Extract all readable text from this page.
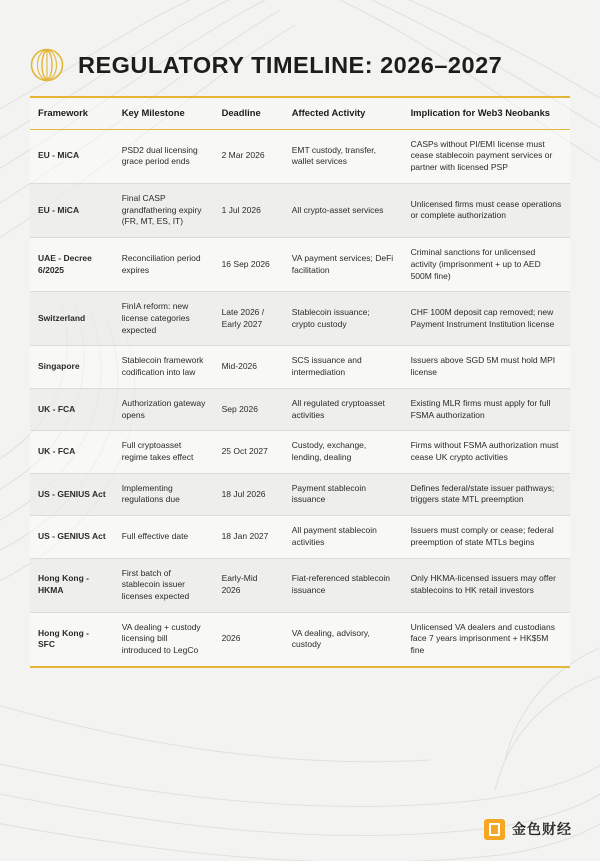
REGULATORY TIMELINE: 2026–2027
Framework	Key Milestone	Deadline	Affected Activity	Implication for Web3 Neobanks
EU - MiCA	PSD2 dual licensing grace period ends	2 Mar 2026	EMT custody, transfer, wallet services	CASPs without PI/EMI license must cease stablecoin payment services or partner with licensed PSP
EU - MiCA	Final CASP grandfathering expiry (FR, MT, ES, IT)	1 Jul 2026	All crypto-asset services	Unlicensed firms must cease operations or complete authorization
UAE - Decree 6/2025	Reconciliation period expires	16 Sep 2026	VA payment services; DeFi facilitation	Criminal sanctions for unlicensed activity (imprisonment + up to AED 500M fine)
Switzerland	FinIA reform: new license categories expected	Late 2026 / Early 2027	Stablecoin issuance; crypto custody	CHF 100M deposit cap removed; new Payment Instrument Institution license
Singapore	Stablecoin framework codification into law	Mid-2026	SCS issuance and intermediation	Issuers above SGD 5M must hold MPI license
UK - FCA	Authorization gateway opens	Sep 2026	All regulated cryptoasset activities	Existing MLR firms must apply for full FSMA authorization
UK - FCA	Full cryptoasset regime takes effect	25 Oct 2027	Custody, exchange, lending, dealing	Firms without FSMA authorization must cease UK crypto activities
US - GENIUS Act	Implementing regulations due	18 Jul 2026	Payment stablecoin issuance	Defines federal/state issuer pathways; triggers state MTL preemption
US - GENIUS Act	Full effective date	18 Jan 2027	All payment stablecoin activities	Issuers must comply or cease; federal preemption of state MTLs begins
Hong Kong - HKMA	First batch of stablecoin issuer licenses expected	Early-Mid 2026	Fiat-referenced stablecoin issuance	Only HKMA-licensed issuers may offer stablecoins to HK retail investors
Hong Kong - SFC	VA dealing + custody licensing bill introduced to LegCo	2026	VA dealing, advisory, custody	Unlicensed VA dealers and custodians face 7 years imprisonment + HK$5M fine
金色财经
